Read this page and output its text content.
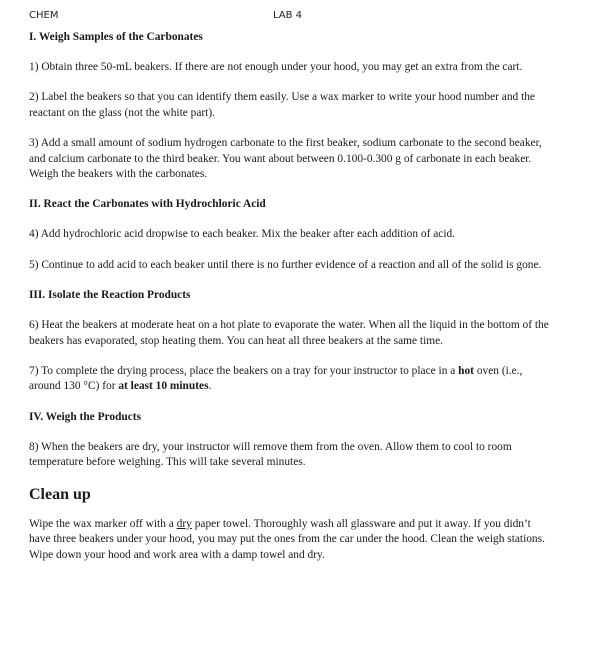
CHEM	LAB 4
I. Weigh Samples of the Carbonates

1) Obtain three 50-mL beakers. If there are not enough under your hood, you may get an extra from the cart.

2) Label the beakers so that you can identify them easily. Use a wax marker to write your hood number and the reactant on the glass (not the white part).

3) Add a small amount of sodium hydrogen carbonate to the first beaker, sodium carbonate to the second beaker, and calcium carbonate to the third beaker. You want about between 0.100-0.300 g of carbonate in each beaker. Weigh the beakers with the carbonates.

II. React the Carbonates with Hydrochloric Acid

4) Add hydrochloric acid dropwise to each beaker. Mix the beaker after each addition of acid.

5) Continue to add acid to each beaker until there is no further evidence of a reaction and all of the solid is gone.

III. Isolate the Reaction Products

6) Heat the beakers at moderate heat on a hot plate to evaporate the water. When all the liquid in the bottom of the beakers has evaporated, stop heating them. You can heat all three beakers at the same time.

7) To complete the drying process, place the beakers on a tray for your instructor to place in a hot oven (i.e., around 130 °C) for at least 10 minutes.

IV. Weigh the Products

8) When the beakers are dry, your instructor will remove them from the oven. Allow them to cool to room temperature before weighing. This will take several minutes.

Clean up

Wipe the wax marker off with a dry paper towel. Thoroughly wash all glassware and put it away. If you didn’t have three beakers under your hood, you may put the ones from the car under the hood. Clean the weigh stations. Wipe down your hood and work area with a damp towel and dry.
